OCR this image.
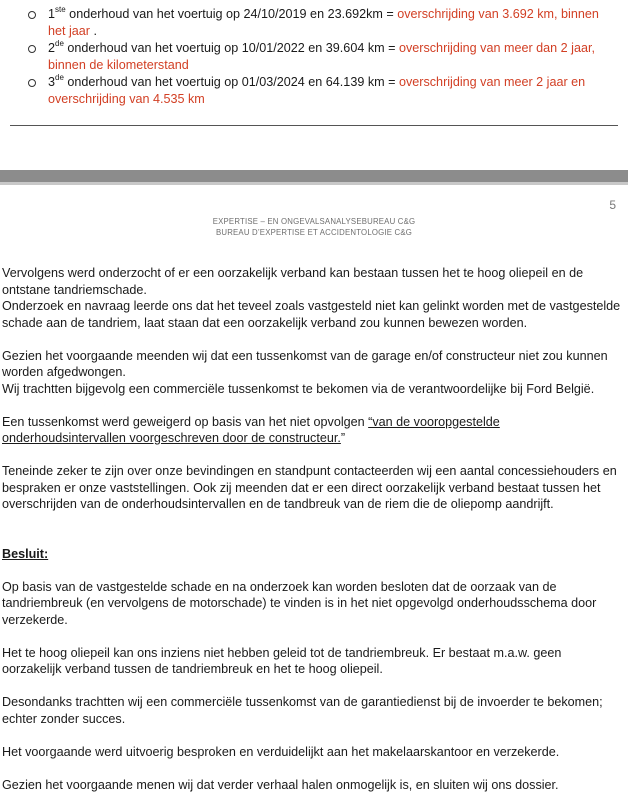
1ste onderhoud van het voertuig op 24/10/2019 en 23.692km = overschrijding van 3.692 km, binnen het jaar .
2de onderhoud van het voertuig op 10/01/2022 en 39.604 km = overschrijding van meer dan 2 jaar, binnen de kilometerstand
3de onderhoud van het voertuig op 01/03/2024 en 64.139 km = overschrijding van meer 2 jaar en overschrijding van 4.535 km
5
EXPERTISE – EN ONGEVALSANALYSEBUREAU C&G
BUREAU D’EXPERTISE ET ACCIDENTOLOGIE C&G

Vervolgens werd onderzocht of er een oorzakelijk verband kan bestaan tussen het te hoog oliepeil en de ontstane tandriemschade.

Onderzoek en navraag leerde ons dat het teveel zoals vastgesteld niet kan gelinkt worden met de vastgestelde schade aan de tandriem, laat staan dat een oorzakelijk verband zou kunnen bewezen worden.

Gezien het voorgaande meenden wij dat een tussenkomst van de garage en/of constructeur niet zou kunnen worden afgedwongen.

Wij trachtten bijgevolg een commerciële tussenkomst te bekomen via de verantwoordelijke bij Ford België.

Een tussenkomst werd geweigerd op basis van het niet opvolgen “van de vooropgestelde onderhoudsintervallen voorgeschreven door de constructeur.”

Teneinde zeker te zijn over onze bevindingen en standpunt contacteerden wij een aantal concessiehouders en bespraken er onze vaststellingen. Ook zij meenden dat er een direct oorzakelijk verband bestaat tussen het overschrijden van de onderhoudsintervallen en de tandbreuk van de riem die de oliepomp aandrijft.

Besluit:

Op basis van de vastgestelde schade en na onderzoek kan worden besloten dat de oorzaak van de tandriembreuk (en vervolgens de motorschade) te vinden is in het niet opgevolgd onderhoudsschema door verzekerde.

Het te hoog oliepeil kan ons inziens niet hebben geleid tot de tandriembreuk. Er bestaat m.a.w. geen oorzakelijk verband tussen de tandriembreuk en het te hoog oliepeil.

Desondanks trachtten wij een commerciële tussenkomst van de garantiedienst bij de invoerder te bekomen; echter zonder succes.

Het voorgaande werd uitvoerig besproken en verduidelijkt aan het makelaarskantoor en verzekerde.

Gezien het voorgaande menen wij dat verder verhaal halen onmogelijk is, en sluiten wij ons dossier.
